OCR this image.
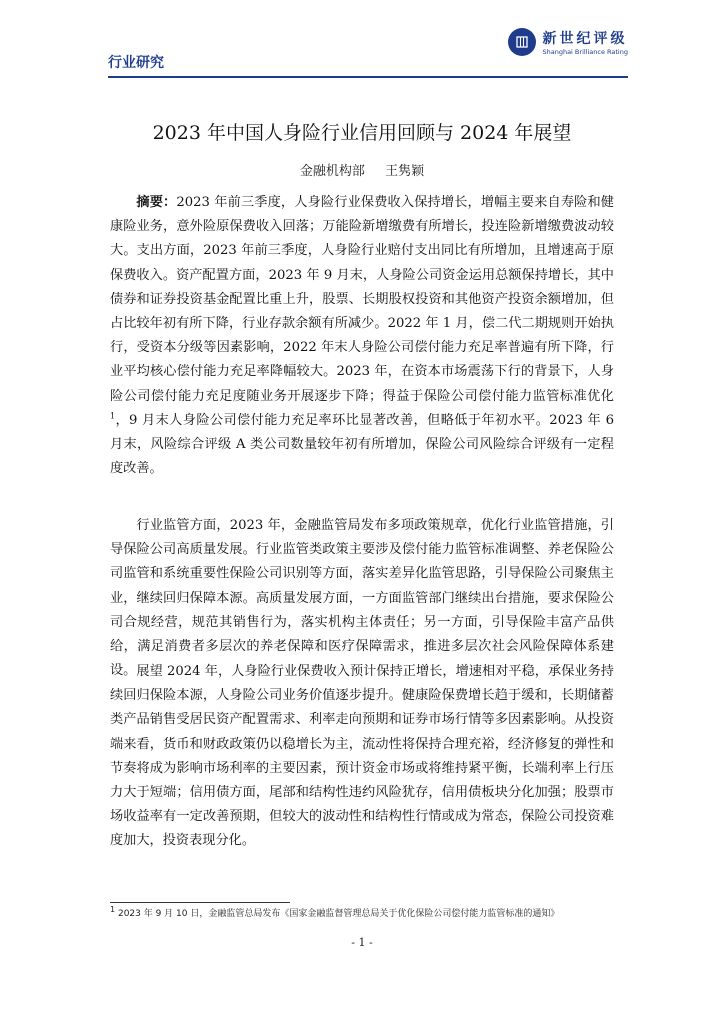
行业研究
新世纪评级
Shanghai Brilliance Rating
2023 年中国人身险行业信用回顾与 2024 年展望
金融机构部 王隽颖

摘要：2023 年前三季度，人身险行业保费收入保持增长，增幅主要来自寿险和健康险业务，意外险原保费收入回落；万能险新增缴费有所增长，投连险新增缴费波动较大。支出方面，2023 年前三季度，人身险行业赔付支出同比有所增加，且增速高于原保费收入。资产配置方面，2023 年 9 月末，人身险公司资金运用总额保持增长，其中债券和证券投资基金配置比重上升，股票、长期股权投资和其他资产投资余额增加，但占比较年初有所下降，行业存款余额有所减少。2022 年 1 月，偿二代二期规则开始执行，受资本分级等因素影响，2022 年末人身险公司偿付能力充足率普遍有所下降，行业平均核心偿付能力充足率降幅较大。2023 年，在资本市场震荡下行的背景下，人身险公司偿付能力充足度随业务开展逐步下降；得益于保险公司偿付能力监管标准优化$^1$，9 月末人身险公司偿付能力充足率环比显著改善，但略低于年初水平。2023 年 6 月末，风险综合评级 A 类公司数量较年初有所增加，保险公司风险综合评级有一定程度改善。

行业监管方面，2023 年，金融监管局发布多项政策规章，优化行业监管措施，引导保险公司高质量发展。行业监管类政策主要涉及偿付能力监管标准调整、养老保险公司监管和系统重要性保险公司识别等方面，落实差异化监管思路，引导保险公司聚焦主业，继续回归保障本源。高质量发展方面，一方面监管部门继续出台措施，要求保险公司合规经营，规范其销售行为，落实机构主体责任；另一方面，引导保险丰富产品供给，满足消费者多层次的养老保障和医疗保障需求，推进多层次社会风险保障体系建设。 展望 2024 年，人身险行业保费收入预计保持正增长，增速相对平稳，承保业务持续回归保险本源，人身险公司业务价值逐步提升。健康险保费增长趋于缓和，长期储蓄类产品销售受居民资产配置需求、利率走向预期和证券市场行情等多因素影响。从投资端来看，货币和财政政策仍以稳增长为主，流动性将保持合理充裕，经济修复的弹性和节奏将成为影响市场利率的主要因素，预计资金市场或将维持紧平衡，长端利率上行压力大于短端；信用债方面，尾部和结构性违约风险犹存，信用债板块分化加强；股票市场收益率有一定改善预期，但较大的波动性和结构性行情或成为常态，保险公司投资难度加大，投资表现分化。

$^1$ 2023 年 9 月 10 日，金融监管总局发布《国家金融监督管理总局关于优化保险公司偿付能力监管标准的通知》
- 1 -
